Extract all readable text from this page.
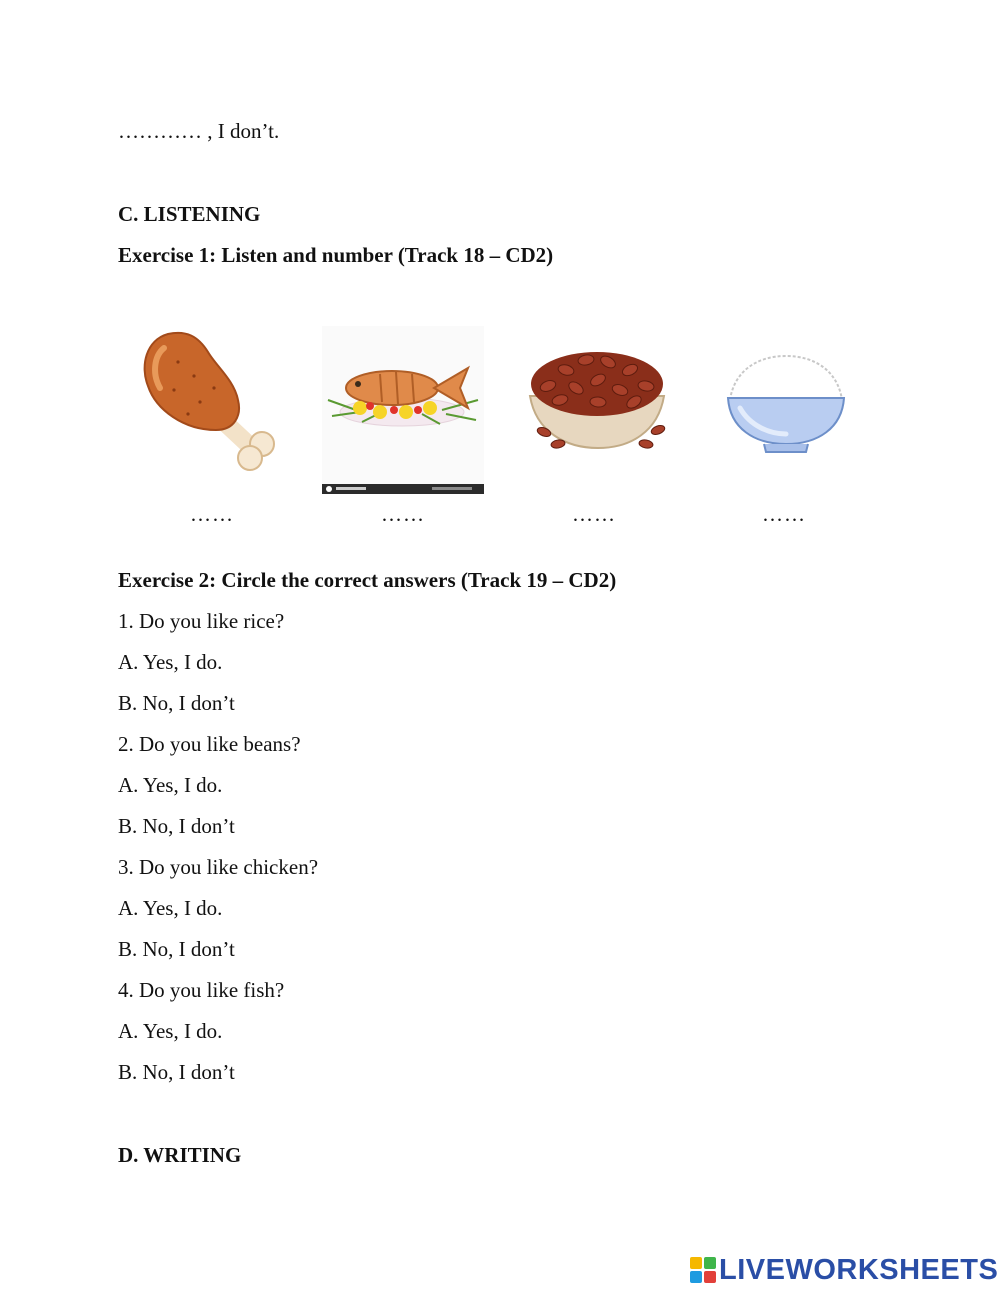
………… , I don’t.
C. LISTENING
Exercise 1: Listen and number (Track 18 – CD2)
……	……	……	……
Exercise 2: Circle the correct answers (Track 19 – CD2)
1. Do you like rice?
A. Yes, I do.
B. No, I don’t
2. Do you like beans?
A. Yes, I do.
B. No, I don’t
3. Do you like chicken?
A. Yes, I do.
B. No, I don’t
4. Do you like fish?
A. Yes, I do.
B. No, I don’t
D. WRITING
LIVEWORKSHEETS
